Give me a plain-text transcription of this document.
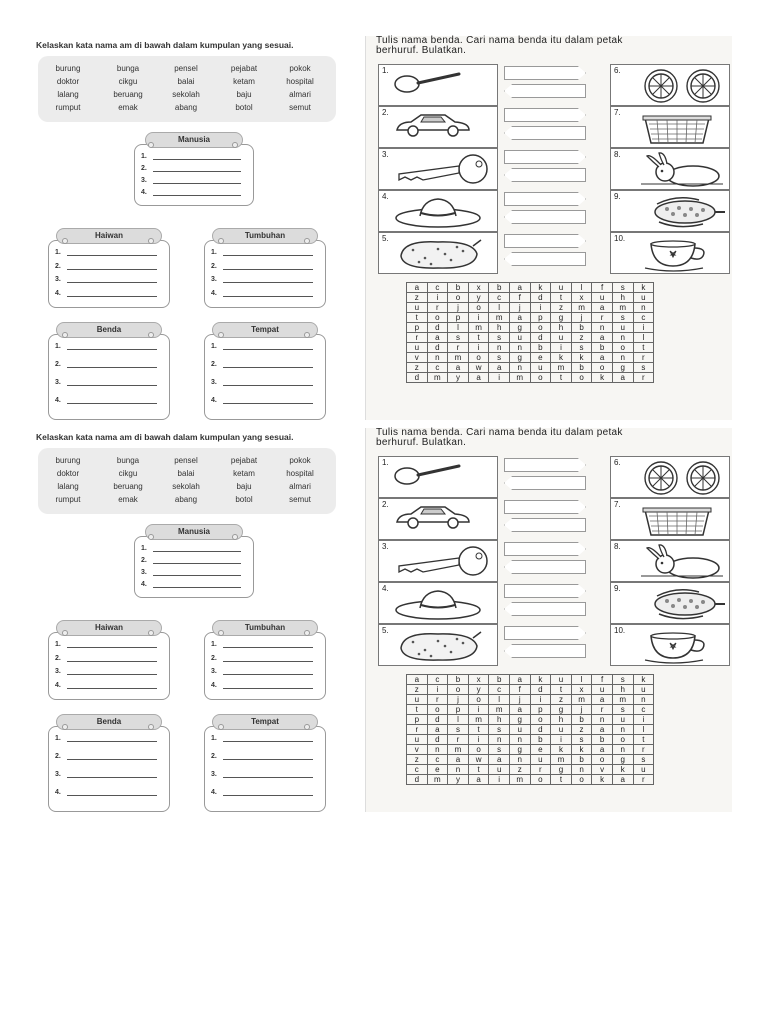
Kelaskan kata nama am di bawah dalam kumpulan yang sesuai.
burung	bunga	pensel	pejabat	pokok
doktor	cikgu	balai	ketam	hospital
lalang	beruang	sekolah	baju	almari
rumput	emak	abang	botol	semut
1.
2.
3.
4.
Manusia
1.
2.
3.
4.
Haiwan
1.
2.
3.
4.
Tumbuhan
1.
2.
3.
4.
Benda
1.
2.
3.
4.
Tempat
Tulis nama benda. Cari nama benda itu dalam petak
berhuruf. Bulatkan.
1.	6.
2.	7.
3.	8.
4.	9.
5.	10.
a	c	b	x	b	a	k	u	l	f	s	k
z	i	o	y	c	f	d	t	x	u	h	u
u	r	j	o	l	j	i	z	m	a	m	n
t	o	p	i	m	a	p	g	j	r	s	c
p	d	l	m	h	g	o	h	b	n	u	i
r	a	s	t	s	u	d	u	z	a	n	l
u	d	r	i	n	n	b	i	s	b	o	t
v	n	m	o	s	g	e	k	k	a	n	r
z	c	a	w	a	n	u	m	b	o	g	s
d	m	y	a	i	m	o	t	o	k	a	r
Kelaskan kata nama am di bawah dalam kumpulan yang sesuai.
burung	bunga	pensel	pejabat	pokok
doktor	cikgu	balai	ketam	hospital
lalang	beruang	sekolah	baju	almari
rumput	emak	abang	botol	semut
1.
2.
3.
4.
Manusia
1.
2.
3.
4.
Haiwan
1.
2.
3.
4.
Tumbuhan
1.
2.
3.
4.
Benda
1.
2.
3.
4.
Tempat
Tulis nama benda. Cari nama benda itu dalam petak
berhuruf. Bulatkan.
1.	6.
2.	7.
3.	8.
4.	9.
5.	10.
a	c	b	x	b	a	k	u	l	f	s	k
z	i	o	y	c	f	d	t	x	u	h	u
u	r	j	o	l	j	i	z	m	a	m	n
t	o	p	i	m	a	p	g	j	r	s	c
p	d	l	m	h	g	o	h	b	n	u	i
r	a	s	t	s	u	d	u	z	a	n	l
u	d	r	i	n	n	b	i	s	b	o	t
v	n	m	o	s	g	e	k	k	a	n	r
z	c	a	w	a	n	u	m	b	o	g	s
c	e	n	t	u	z	r	g	n	v	k	u
d	m	y	a	i	m	o	t	o	k	a	r
